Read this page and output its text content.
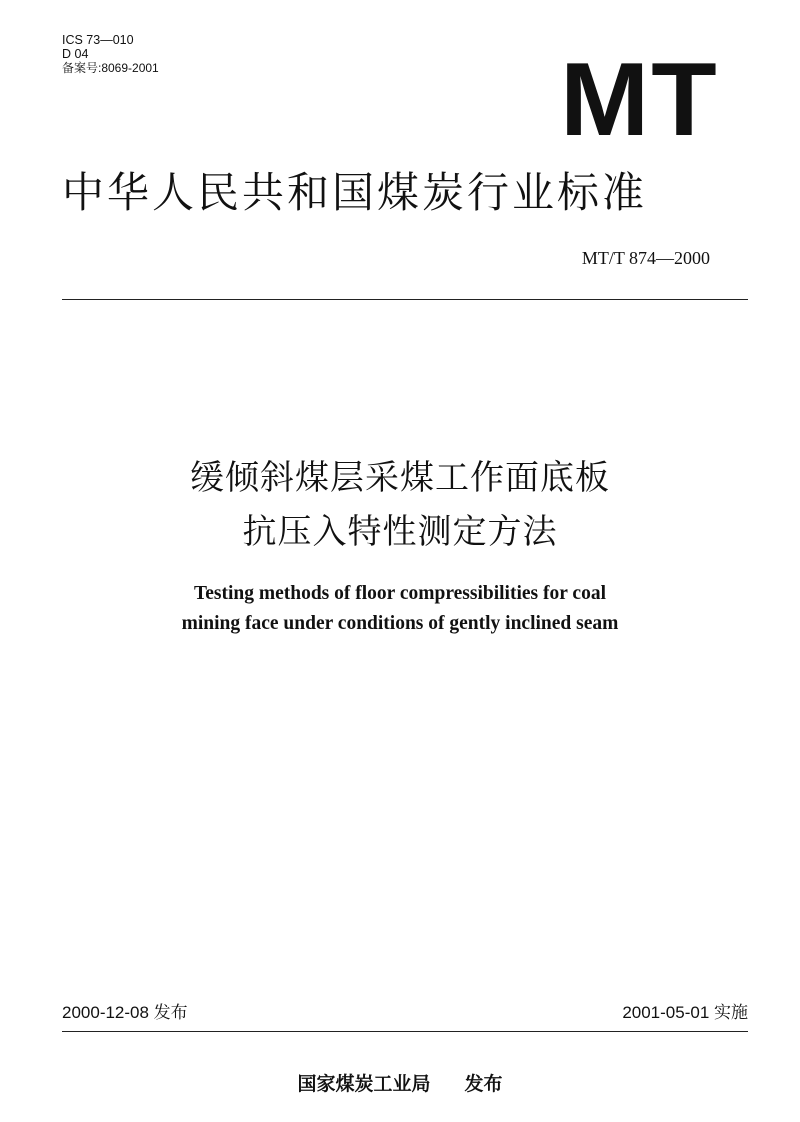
ICS 73—010
D 04
备案号:8069-2001	MT
中华人民共和国煤炭行业标准
MT/T 874—2000
缓倾斜煤层采煤工作面底板
抗压入特性测定方法
Testing methods of floor compressibilities for coal
mining face under conditions of gently inclined seam
2000-12-08 发布	2001-05-01 实施
国家煤炭工业局 发布
